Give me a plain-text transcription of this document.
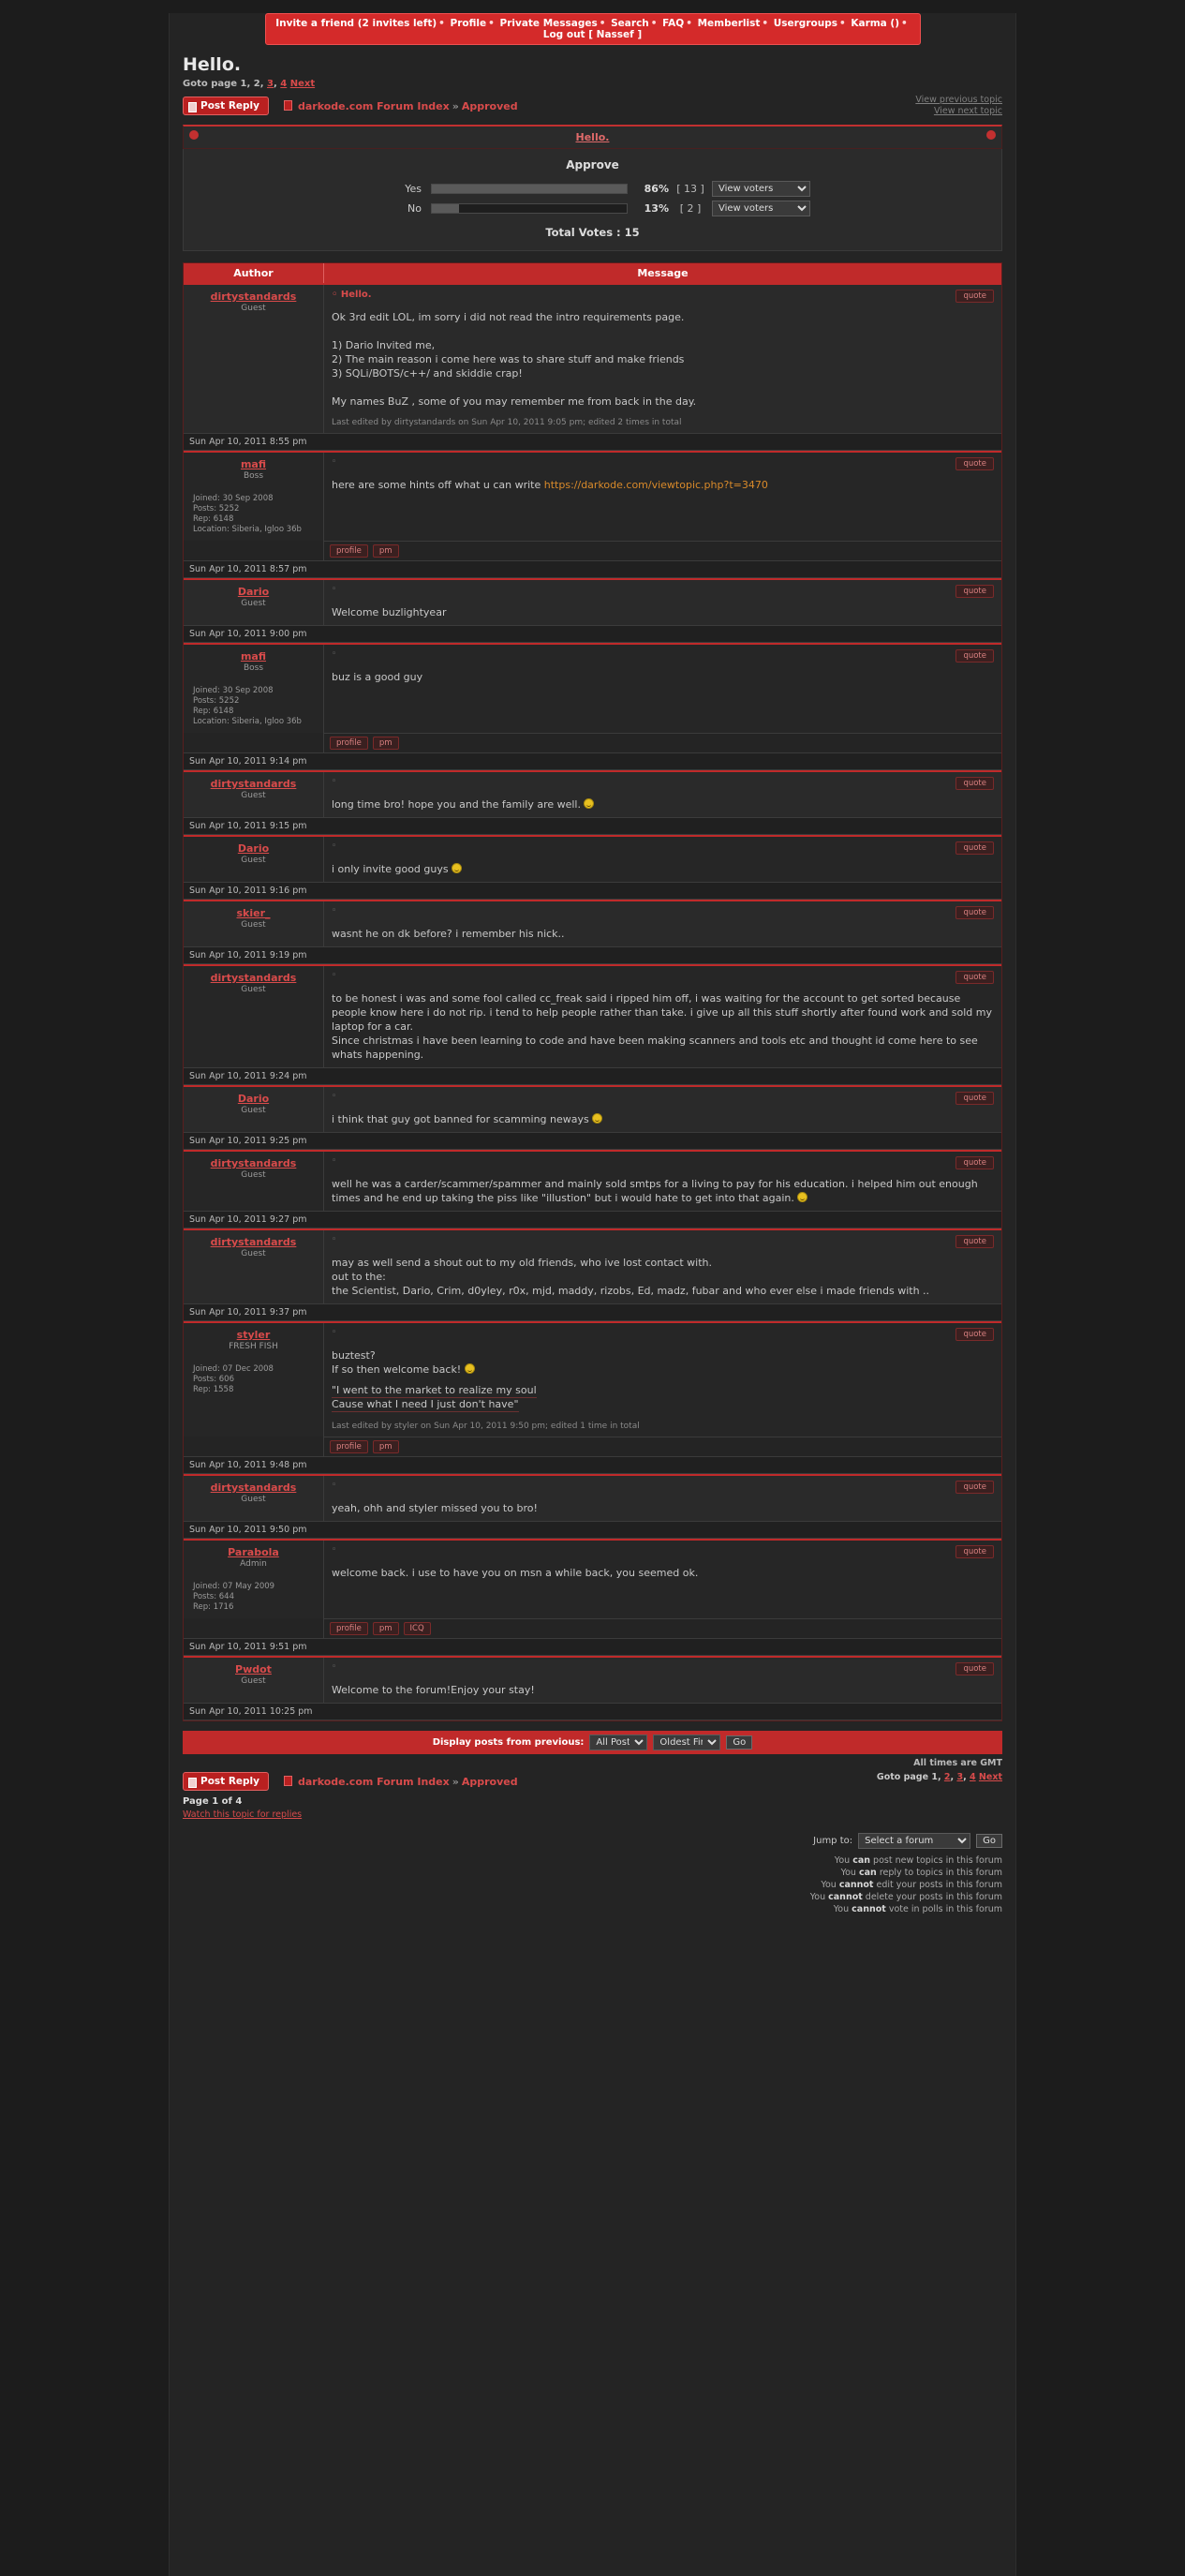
Invite a friend (2 invites left) • Profile • Private Messages • Search • FAQ • Memberlist • Usergroups • Karma () • Log out [ Nassef ]
Hello.
Goto page 1, 2, 3, 4 Next
Post Reply	darkode.com Forum Index » Approved	View previous topic
View next topic
Hello.
Approve
Yes	86% [ 13 ]
View voters
No	13%	[ 2 ]
View voters
Total Votes : 15
Author	Message
dirtystandards
Guest
◦ Hello.	quote
Ok 3rd edit LOL, im sorry i did not read the intro requirements page.

1) Dario Invited me,
2) The main reason i come here was to share stuff and make friends
3) SQLi/BOTS/c++/ and skiddie crap!

My names BuZ , some of you may remember me from back in the day.
Last edited by dirtystandards on Sun Apr 10, 2011 9:05 pm; edited 2 times in total
Sun Apr 10, 2011 8:55 pm
mafi
Boss
Joined: 30 Sep 2008
Posts: 5252
Rep: 6148
Location: Siberia, Igloo 36b
◦	quote
here are some hints off what u can write https://darkode.com/viewtopic.php?t=3470
profile	pm
Sun Apr 10, 2011 8:57 pm
Dario
Guest
◦	quote
Welcome buzlightyear
Sun Apr 10, 2011 9:00 pm
mafi
Boss
Joined: 30 Sep 2008
Posts: 5252
Rep: 6148
Location: Siberia, Igloo 36b
◦	quote
buz is a good guy
profile	pm
Sun Apr 10, 2011 9:14 pm
dirtystandards
Guest
◦	quote
long time bro! hope you and the family are well.
Sun Apr 10, 2011 9:15 pm
Dario
Guest
◦	quote
i only invite good guys
Sun Apr 10, 2011 9:16 pm
skier_
Guest
◦	quote
wasnt he on dk before? i remember his nick..
Sun Apr 10, 2011 9:19 pm
dirtystandards
Guest
◦	quote
to be honest i was and some fool called cc_freak said i ripped him off, i was waiting for the account to get sorted because people know here i do not rip. i tend to help people rather than take. i give up all this stuff shortly after found work and sold my laptop for a car.
Since christmas i have been learning to code and have been making scanners and tools etc and thought id come here to see whats happening.
Sun Apr 10, 2011 9:24 pm
Dario
Guest
◦	quote
i think that guy got banned for scamming neways
Sun Apr 10, 2011 9:25 pm
dirtystandards
Guest
◦	quote
well he was a carder/scammer/spammer and mainly sold smtps for a living to pay for his education. i helped him out enough times and he end up taking the piss like "illustion" but i would hate to get into that again.
Sun Apr 10, 2011 9:27 pm
dirtystandards
Guest
◦	quote
may as well send a shout out to my old friends, who ive lost contact with.
out to the:
the Scientist, Dario, Crim, d0yley, r0x, mjd, maddy, rizobs, Ed, madz, fubar and who ever else i made friends with ..
Sun Apr 10, 2011 9:37 pm
styler
FRESH FISH
Joined: 07 Dec 2008
Posts: 606
Rep: 1558
◦	quote
buztest?
If so then welcome back!
"I went to the market to realize my soul
Cause what I need I just don't have"
Last edited by styler on Sun Apr 10, 2011 9:50 pm; edited 1 time in total
profile	pm
Sun Apr 10, 2011 9:48 pm
dirtystandards
Guest
◦	quote
yeah, ohh and styler missed you to bro!
Sun Apr 10, 2011 9:50 pm
Parabola
Admin
Joined: 07 May 2009
Posts: 644
Rep: 1716
◦	quote
welcome back. i use to have you on msn a while back, you seemed ok.
profile	pm	ICQ
Sun Apr 10, 2011 9:51 pm
Pwdot
Guest
◦	quote
Welcome to the forum!Enjoy your stay!
Sun Apr 10, 2011 10:25 pm
Display posts from previous:
All Posts
Oldest First	Go
All times are GMT
Post Reply	darkode.com Forum Index » Approved	Goto page 1, 2, 3, 4 Next
Page 1 of 4
Watch this topic for replies
Jump to:
Select a forum	Go
You can post new topics in this forum
You can reply to topics in this forum
You cannot edit your posts in this forum
You cannot delete your posts in this forum
You cannot vote in polls in this forum
